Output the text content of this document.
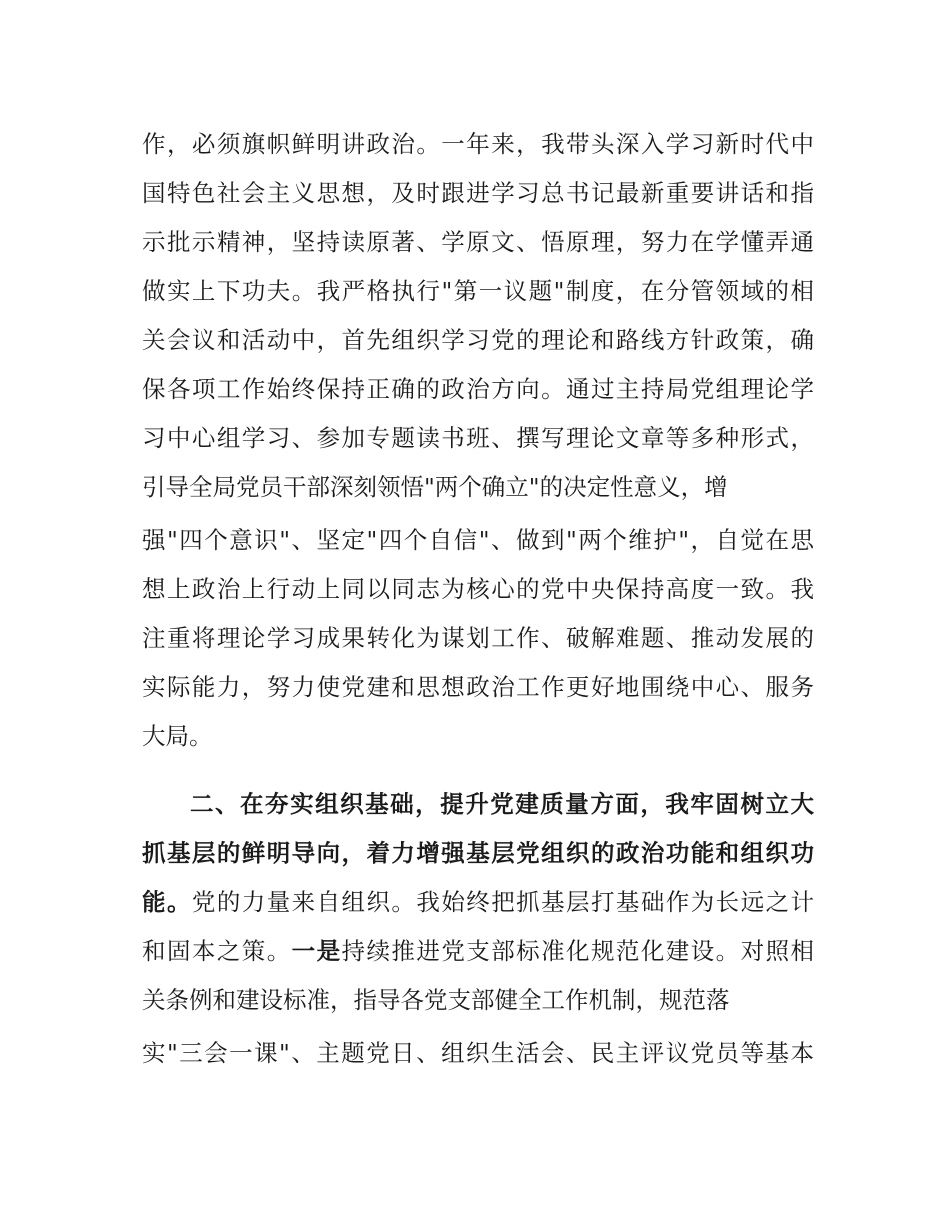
作，必须旗帜鲜明讲政治。一年来，我带头深入学习新时代中
国特色社会主义思想，及时跟进学习总书记最新重要讲话和指
示批示精神，坚持读原著、学原文、悟原理，努力在学懂弄通
做实上下功夫。我严格执行"第一议题"制度，在分管领域的相
关会议和活动中，首先组织学习党的理论和路线方针政策，确
保各项工作始终保持正确的政治方向。通过主持局党组理论学
习中心组学习、参加专题读书班、撰写理论文章等多种形式，
引导全局党员干部深刻领悟"两个确立"的决定性意义，增
强"四个意识"、坚定"四个自信"、做到"两个维护"，自觉在思
想上政治上行动上同以同志为核心的党中央保持高度一致。我
注重将理论学习成果转化为谋划工作、破解难题、推动发展的
实际能力，努力使党建和思想政治工作更好地围绕中心、服务
大局。
二、在夯实组织基础，提升党建质量方面，我牢固树立大
抓基层的鲜明导向，着力增强基层党组织的政治功能和组织功
能。党的力量来自组织。我始终把抓基层打基础作为长远之计
和固本之策。一是持续推进党支部标准化规范化建设。对照相
关条例和建设标准，指导各党支部健全工作机制，规范落
实"三会一课"、主题党日、组织生活会、民主评议党员等基本
